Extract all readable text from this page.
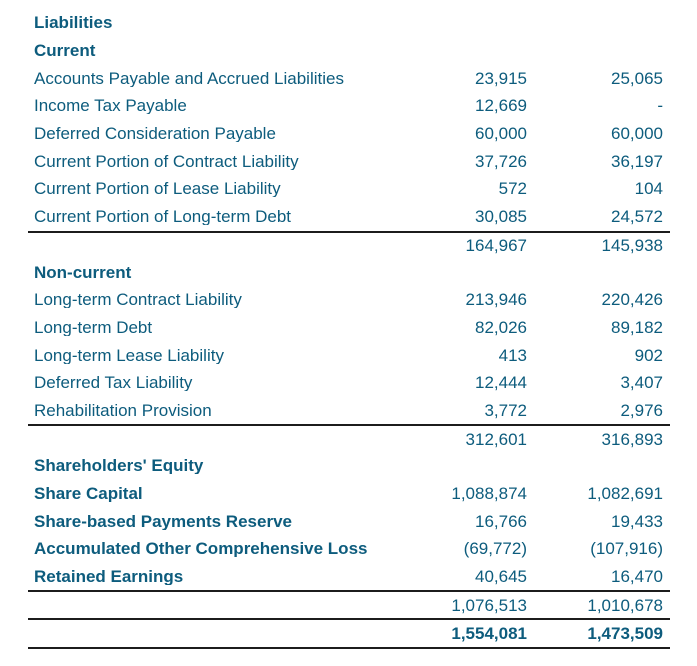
Liabilities
Current
Accounts Payable and Accrued Liabilities	23,915	25,065
Income Tax Payable	12,669	-
Deferred Consideration Payable	60,000	60,000
Current Portion of Contract Liability	37,726	36,197
Current Portion of Lease Liability	572	104
Current Portion of Long-term Debt	30,085	24,572
164,967	145,938
Non-current
Long-term Contract Liability	213,946	220,426
Long-term Debt	82,026	89,182
Long-term Lease Liability	413	902
Deferred Tax Liability	12,444	3,407
Rehabilitation Provision	3,772	2,976
312,601	316,893
Shareholders' Equity
Share Capital	1,088,874	1,082,691
Share-based Payments Reserve	16,766	19,433
Accumulated Other Comprehensive Loss	(69,772)	(107,916)
Retained Earnings	40,645	16,470
1,076,513	1,010,678
1,554,081	1,473,509
